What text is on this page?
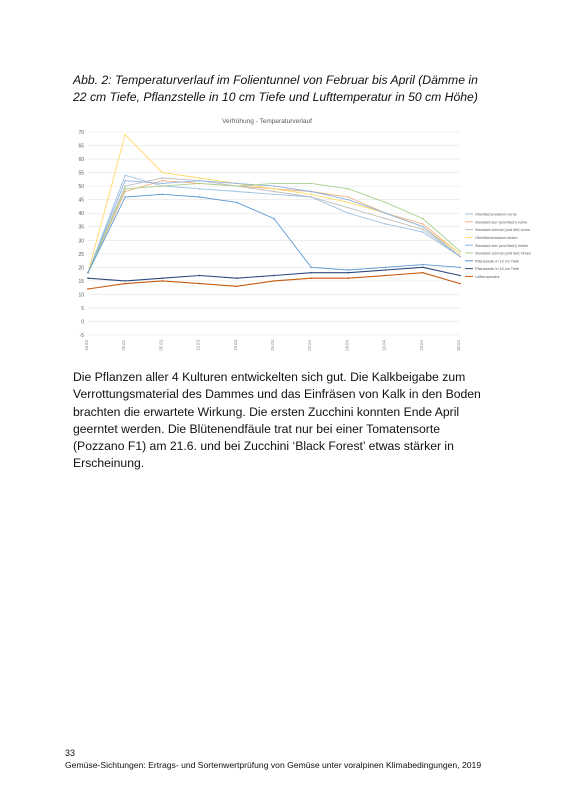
Abb. 2: Temperaturverlauf im Folientunnel von Februar bis April (Dämme in 22 cm Tiefe, Pflanzstelle in 10 cm Tiefe und Lufttemperatur in 50 cm Höhe)
Verfrühung - Temperaturverlauf
-5
0
5
10
15
20
25
30
35
40
45
50
55
60
65
70
19.02.	26.02.	05.03.	12.03.	19.03.	26.03.	02.04.	09.04.	16.04.	23.04.	30.04.
Oberflächendamm vorne
Standard leer (und flach) vorne
Standard schmal (und tief) vorne
Oberflächendamm hinten
Standard leer (und flach) hinten
Standard schmal (und tief) hinten
Pflanzstelle in 10 cm Tiefe
Pflanzstelle in 10 cm Tiefe
Lufttemperatur

Die Pflanzen aller 4 Kulturen entwickelten sich gut. Die Kalkbeigabe zum Verrottungsmaterial des Dammes und das Einfräsen von Kalk in den Boden brachten die erwartete Wirkung. Die ersten Zucchini konnten Ende April geerntet werden. Die Blütenendfäule trat nur bei einer Tomatensorte (Pozzano F1) am 21.6. und bei Zucchini ‘Black Forest’ etwas stärker in Erscheinung.

33
Gemüse-Sichtungen: Ertrags- und Sortenwertprüfung von Gemüse unter voralpinen Klimabedingungen, 2019
